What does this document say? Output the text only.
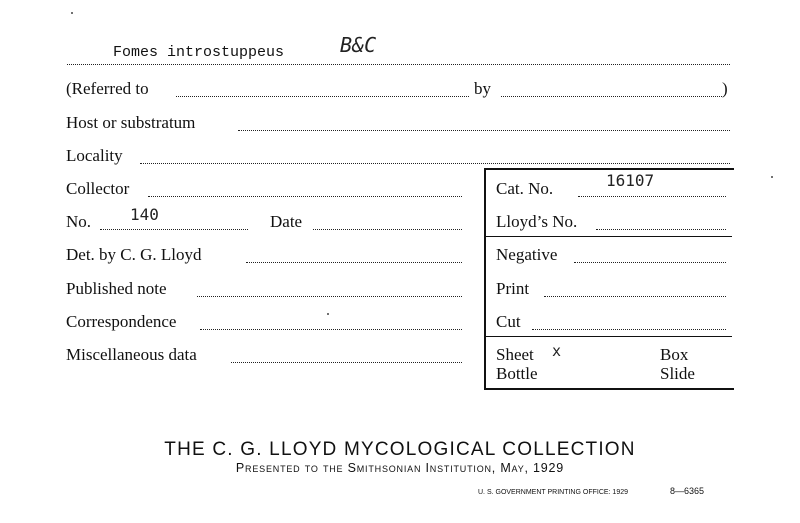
Fomes introstuppeus	B&C
(Referred to	by	)
Host or substratum
Locality
Collector
No. 140	Date
Det. by C. G. Lloyd
Published note
Correspondence
Miscellaneous data
Cat. No.	16107
Lloyd’s No.
Negative
Print
Cut
Sheet x	Box
Bottle	Slide
THE C. G. LLOYD MYCOLOGICAL COLLECTION
Presented to the Smithsonian Institution, May, 1929
U. S. GOVERNMENT PRINTING OFFICE: 1929	8—6365
